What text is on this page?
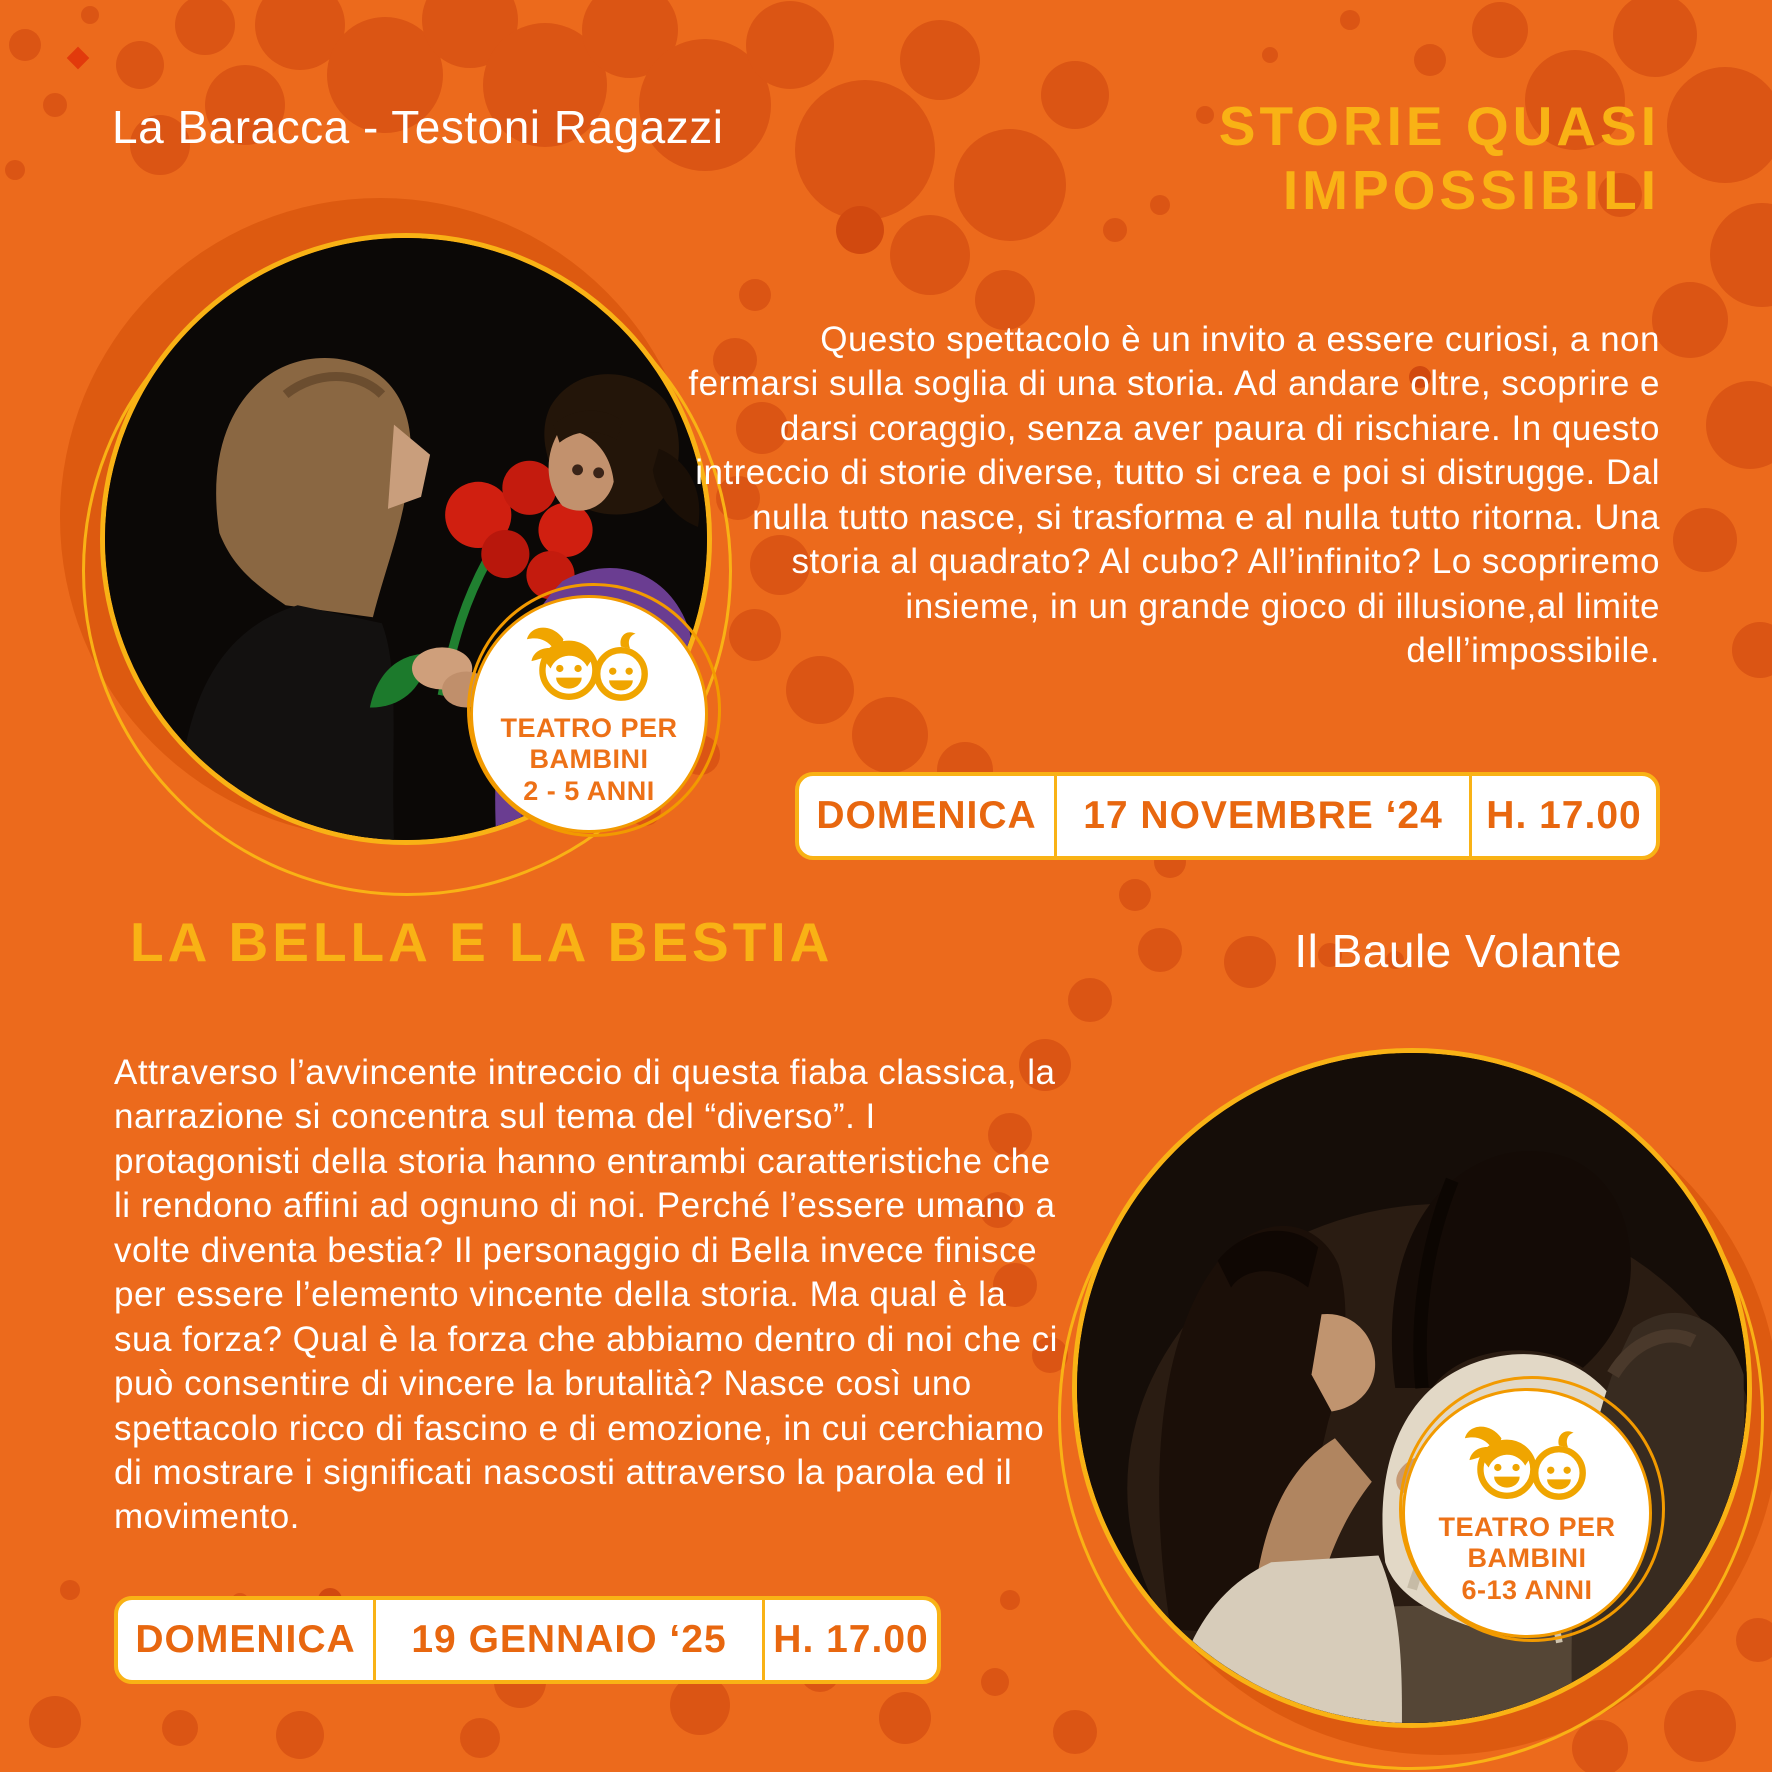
La Baracca - Testoni Ragazzi	STORIE QUASI
IMPOSSIBILI
TEATRO PER
BAMBINI
2 - 5 ANNI

Questo spettacolo è un invito a essere curiosi, a non fermarsi sulla soglia di una storia. Ad andare oltre, scoprire e darsi coraggio, senza aver paura di rischiare. In questo intreccio di storie diverse, tutto si crea e poi si distrugge. Dal nulla tutto nasce, si trasforma e al nulla tutto ritorna. Una storia al quadrato? Al cubo? All’infinito? Lo scopriremo insieme, in un grande gioco di illusione,al limite dell’impossibile.

DOMENICA	17 NOVEMBRE ‘24	H. 17.00
LA BELLA E LA BESTIA	Il Baule Volante

Attraverso l’avvincente intreccio di questa fiaba classica, la narrazione si concentra sul tema del “diverso”. I protagonisti della storia hanno entrambi caratteristiche che li rendono affini ad ognuno di noi. Perché l’essere umano a volte diventa bestia? Il personaggio di Bella invece finisce per essere l’elemento vincente della storia. Ma qual è la sua forza? Qual è la forza che abbiamo dentro di noi che ci può consentire di vincere la brutalità? Nasce così uno spettacolo ricco di fascino e di emozione, in cui cerchiamo di mostrare i significati nascosti attraverso la parola ed il movimento.	TEATRO PER
BAMBINI
6-13 ANNI
DOMENICA	19 GENNAIO ‘25	H. 17.00
